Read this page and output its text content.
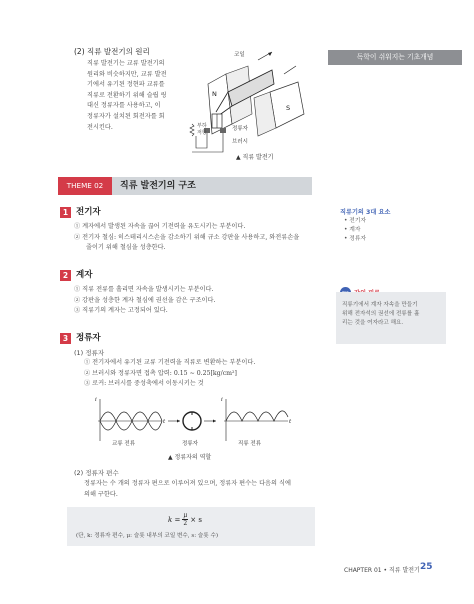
(2) 직류 발전기의 원리
직류 발전기는 교류 발전기의
원리와 비슷하지만, 교류 발전
기에서 유기된 정현파 교류를
직류로 전환하기 위해 슬립 링
대신 정류자를 사용하고, 이
정류자가 설치된 회전자를 회
전시킨다.	부하
저항
코일
N
S
정류자
브러시
▲ 직류 발전기
THEME 02	직류 발전기의 구조
1 전기자
① 계자에서 발생된 자속을 끊어 기전력을 유도시키는 부분이다.
② 전기자 철심: 히스테리시스손을 감소하기 위해 규소 강판을 사용하고, 와전류손을
줄이기 위해 철심을 성층한다.
2 계자
① 직류 전류를 흘리면 자속을 발생시키는 부분이다.
② 강판을 성층한 계자 철심에 권선을 감은 구조이다.
③ 직류기의 계자는 고정되어 있다.
3 정류자
(1) 정류자
① 전기자에서 유기된 교류 기전력을 직류로 변환하는 부분이다.
② 브러시와 정류자면 접촉 압력: 0.15 ~ 0.25[kg/cm²]
③ 로커: 브러시를 중성축에서 이동시키는 것
i
t
i
t
교류 전류	정류자	직류 전류
▲ 정류자의 역할
(2) 정류자 편수
정류자는 수 개의 정류자 편으로 이루어져 있으며, 정류자 편수는 다음의 식에
의해 구한다.
$k = \frac{\mu}{2} \times s$
(단, k: 정류자 편수, μ: 슬롯 내부의 코일 변수, s: 슬롯 수)
독학이 쉬워지는 기초개념
직류기의 3대 요소
• 전기자
• 계자
• 정류자
직류기에서 계자 자속을 만들기
위해 전자석의 권선에 전류를 흘
리는 것을 여자라고 해요.
CHAPTER 01 • 직류 발전기 25
